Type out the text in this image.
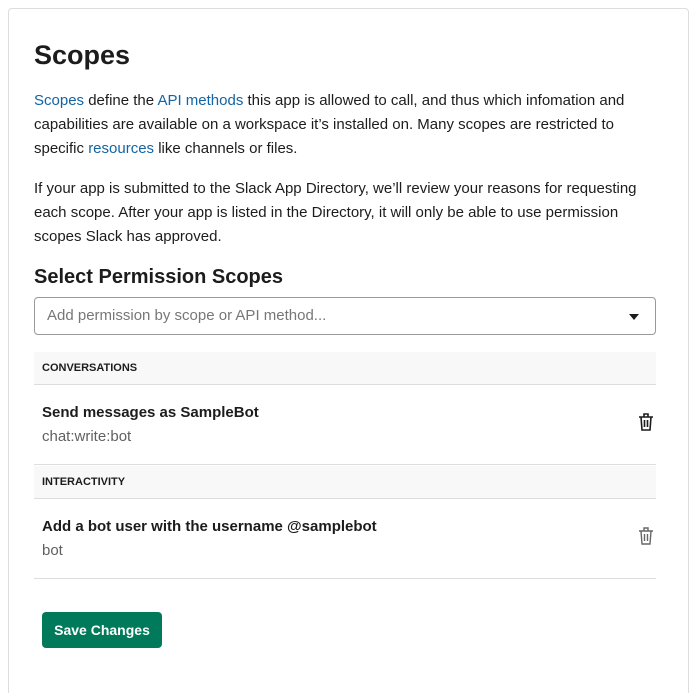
Scopes

Scopes define the API methods this app is allowed to call, and thus which infomation and capabilities are available on a workspace it’s installed on. Many scopes are restricted to specific resources like channels or files.

If your app is submitted to the Slack App Directory, we’ll review your reasons for requesting each scope. After your app is listed in the Directory, it will only be able to use permission scopes Slack has approved.

Select Permission Scopes
Add permission by scope or API method...
CONVERSATIONS
Send messages as SampleBot
chat:write:bot
INTERACTIVITY
Add a bot user with the username @samplebot
bot
Save Changes
